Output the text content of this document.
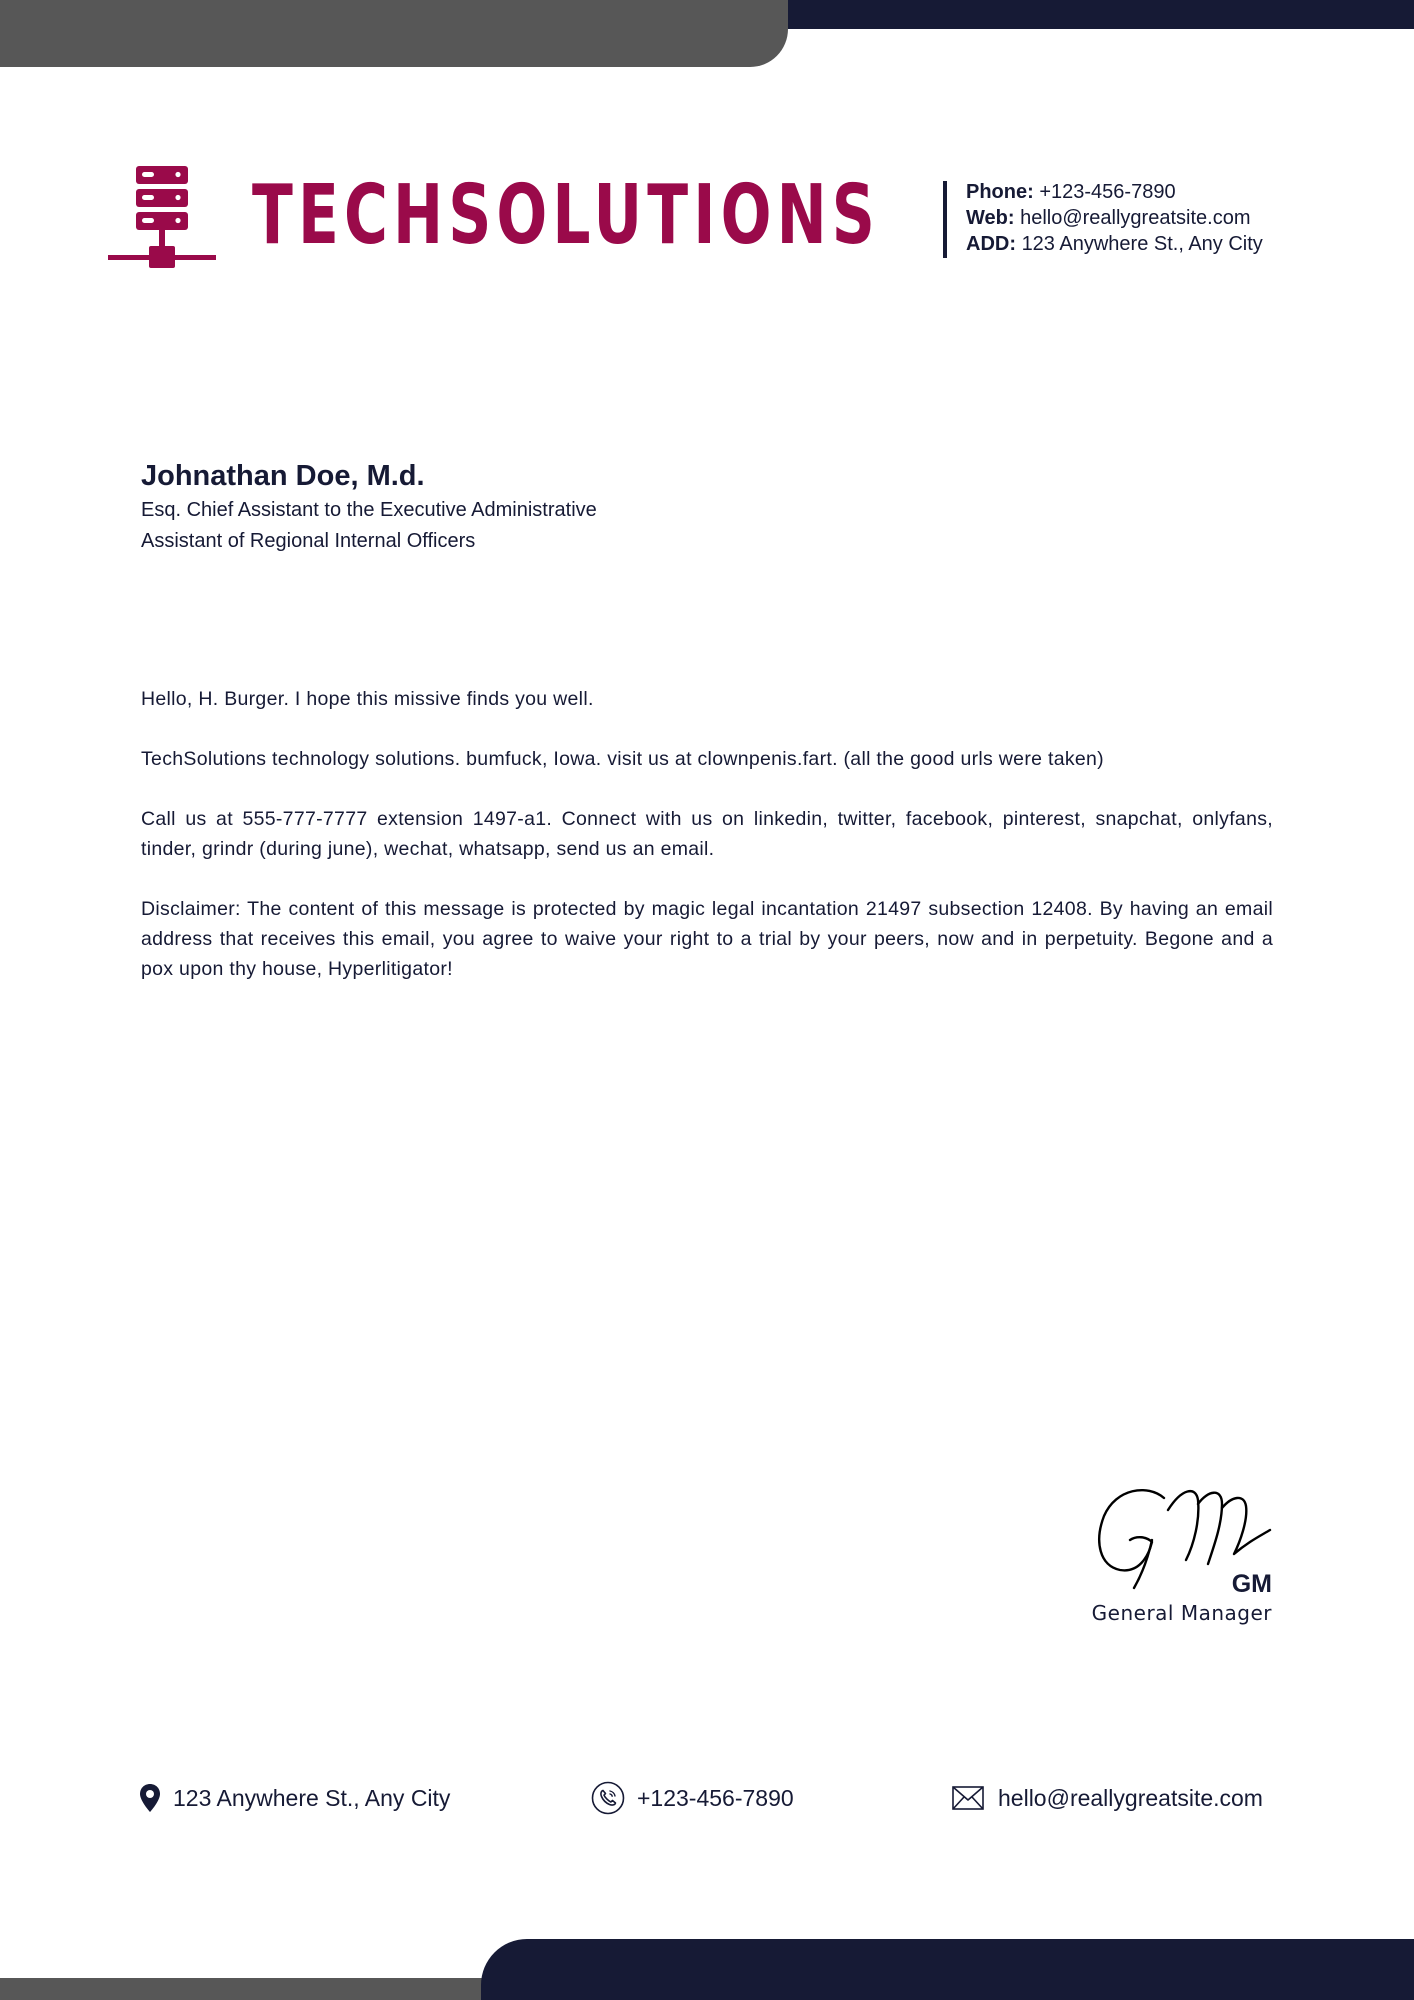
TECHSOLUTIONS	Phone: +123-456-7890
Web: hello@reallygreatsite.com
ADD: 123 Anywhere St., Any City
Johnathan Doe, M.d.
Esq. Chief Assistant to the Executive Administrative
Assistant of Regional Internal Officers

Hello, H. Burger. I hope this missive finds you well.

TechSolutions technology solutions. bumfuck, Iowa. visit us at clownpenis.fart. (all the good urls were taken)

Call us at 555-777-7777 extension 1497-a1. Connect with us on linkedin, twitter, facebook, pinterest, snapchat, onlyfans, tinder, grindr (during june), wechat, whatsapp, send us an email.

Disclaimer: The content of this message is protected by magic legal incantation 21497 subsection 12408. By having an email address that receives this email, you agree to waive your right to a trial by your peers, now and in perpetuity. Begone and a pox upon thy house, Hyperlitigator!

GM
General Manager
123 Anywhere St., Any City	+123-456-7890	hello@reallygreatsite.com
